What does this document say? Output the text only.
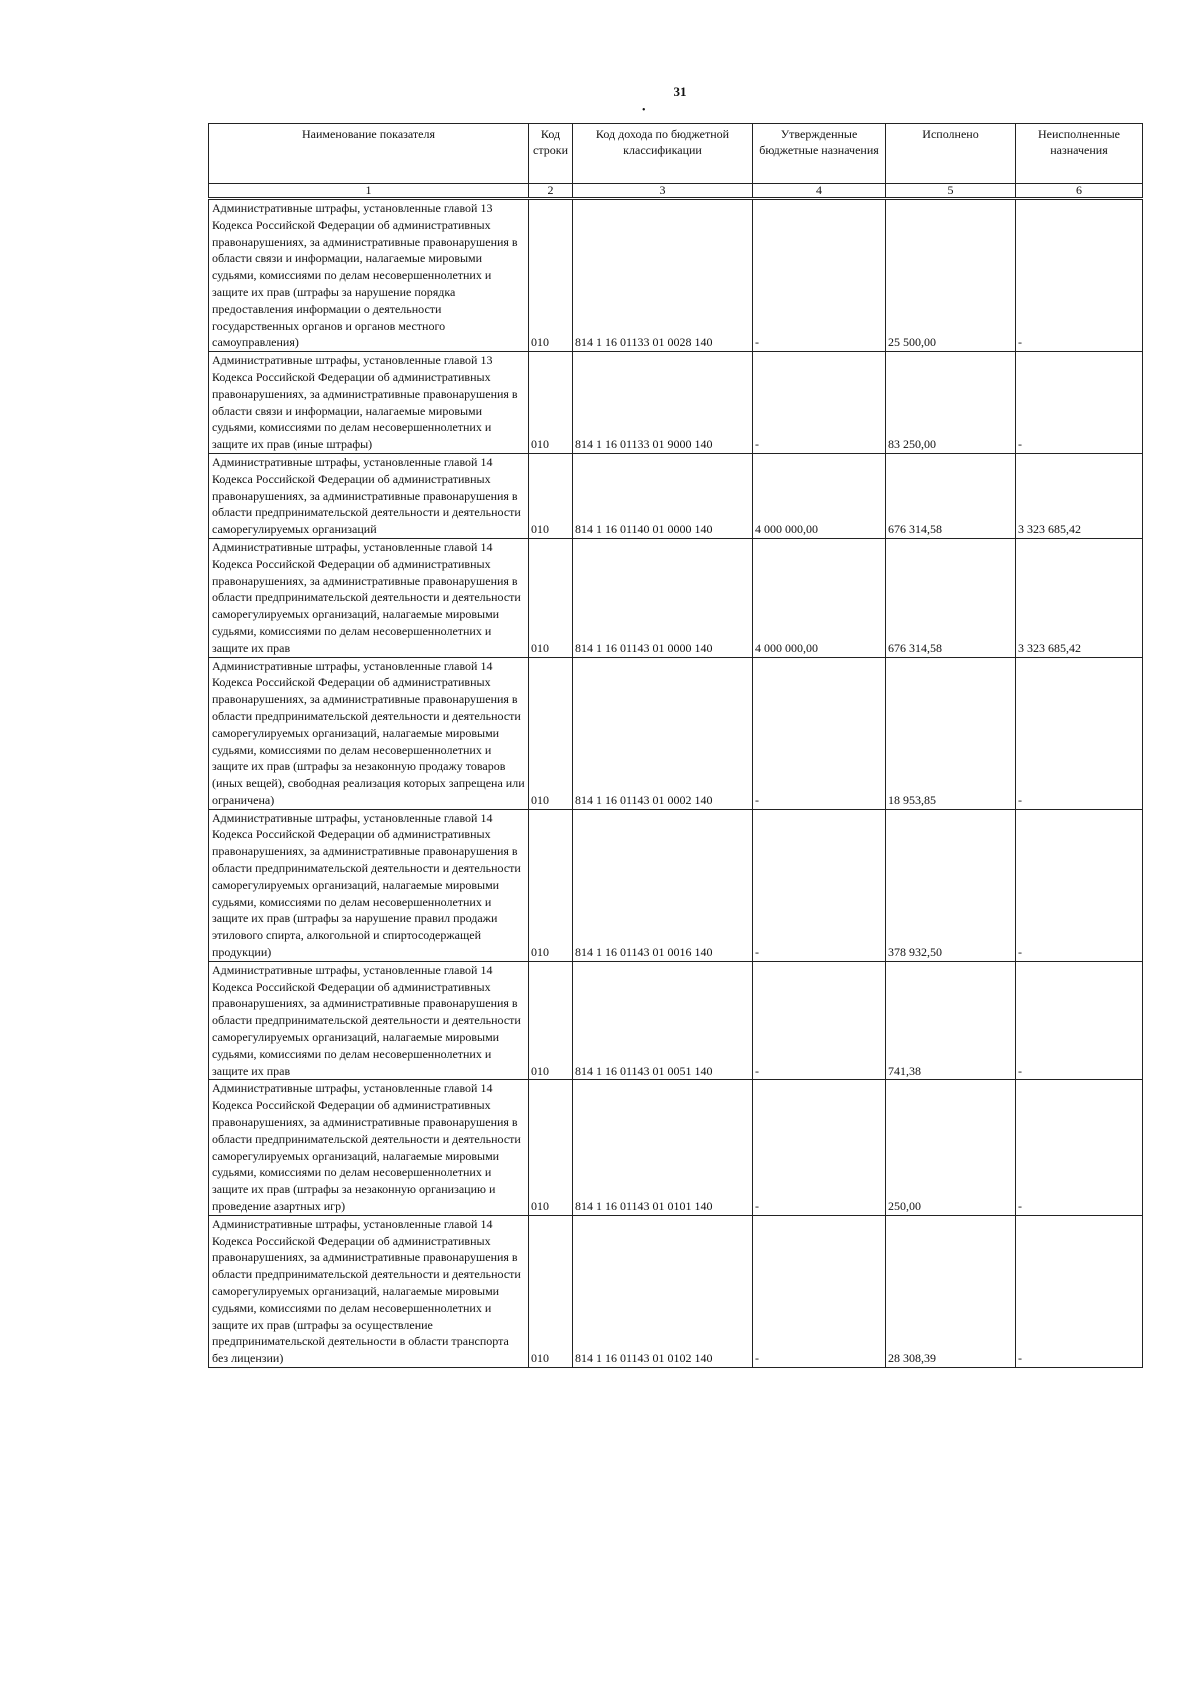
31
•
Наименование показателя	Код строки	Код дохода по бюджетной классификации	Утвержденные бюджетные назначения	Исполнено	Неисполненные назначения
1	2	3	4	5	6

Административные штрафы, установленные главой 13 Кодекса Российской Федерации об административных правонарушениях, за административные правонарушения в области связи и информации, налагаемые мировыми судьями, комиссиями по делам несовершеннолетних и защите их прав (штрафы за нарушение порядка предоставления информации о деятельности государственных органов и органов местного самоуправления)	010	814 1 16 01133 01 0028 140	-	25 500,00	-

Административные штрафы, установленные главой 13 Кодекса Российской Федерации об административных правонарушениях, за административные правонарушения в области связи и информации, налагаемые мировыми судьями, комиссиями по делам несовершеннолетних и защите их прав (иные штрафы)	010	814 1 16 01133 01 9000 140	-	83 250,00	-

Административные штрафы, установленные главой 14 Кодекса Российской Федерации об административных правонарушениях, за административные правонарушения в области предпринимательской деятельности и деятельности саморегулируемых организаций	010	814 1 16 01140 01 0000 140	4 000 000,00	676 314,58	3 323 685,42

Административные штрафы, установленные главой 14 Кодекса Российской Федерации об административных правонарушениях, за административные правонарушения в области предпринимательской деятельности и деятельности саморегулируемых организаций, налагаемые мировыми судьями, комиссиями по делам несовершеннолетних и защите их прав	010	814 1 16 01143 01 0000 140	4 000 000,00	676 314,58	3 323 685,42

Административные штрафы, установленные главой 14 Кодекса Российской Федерации об административных правонарушениях, за административные правонарушения в области предпринимательской деятельности и деятельности саморегулируемых организаций, налагаемые мировыми судьями, комиссиями по делам несовершеннолетних и защите их прав (штрафы за незаконную продажу товаров (иных вещей), свободная реализация которых запрещена или ограничена)	010	814 1 16 01143 01 0002 140	-	18 953,85	-

Административные штрафы, установленные главой 14 Кодекса Российской Федерации об административных правонарушениях, за административные правонарушения в области предпринимательской деятельности и деятельности саморегулируемых организаций, налагаемые мировыми судьями, комиссиями по делам несовершеннолетних и защите их прав (штрафы за нарушение правил продажи этилового спирта, алкогольной и спиртосодержащей продукции)	010	814 1 16 01143 01 0016 140	-	378 932,50	-

Административные штрафы, установленные главой 14 Кодекса Российской Федерации об административных правонарушениях, за административные правонарушения в области предпринимательской деятельности и деятельности саморегулируемых организаций, налагаемые мировыми судьями, комиссиями по делам несовершеннолетних и защите их прав	010	814 1 16 01143 01 0051 140	-	741,38	-

Административные штрафы, установленные главой 14 Кодекса Российской Федерации об административных правонарушениях, за административные правонарушения в области предпринимательской деятельности и деятельности саморегулируемых организаций, налагаемые мировыми судьями, комиссиями по делам несовершеннолетних и защите их прав (штрафы за незаконную организацию и проведение азартных игр)	010	814 1 16 01143 01 0101 140	-	250,00	-

Административные штрафы, установленные главой 14 Кодекса Российской Федерации об административных правонарушениях, за административные правонарушения в области предпринимательской деятельности и деятельности саморегулируемых организаций, налагаемые мировыми судьями, комиссиями по делам несовершеннолетних и защите их прав (штрафы за осуществление предпринимательской деятельности в области транспорта без лицензии)	010	814 1 16 01143 01 0102 140	-	28 308,39	-
